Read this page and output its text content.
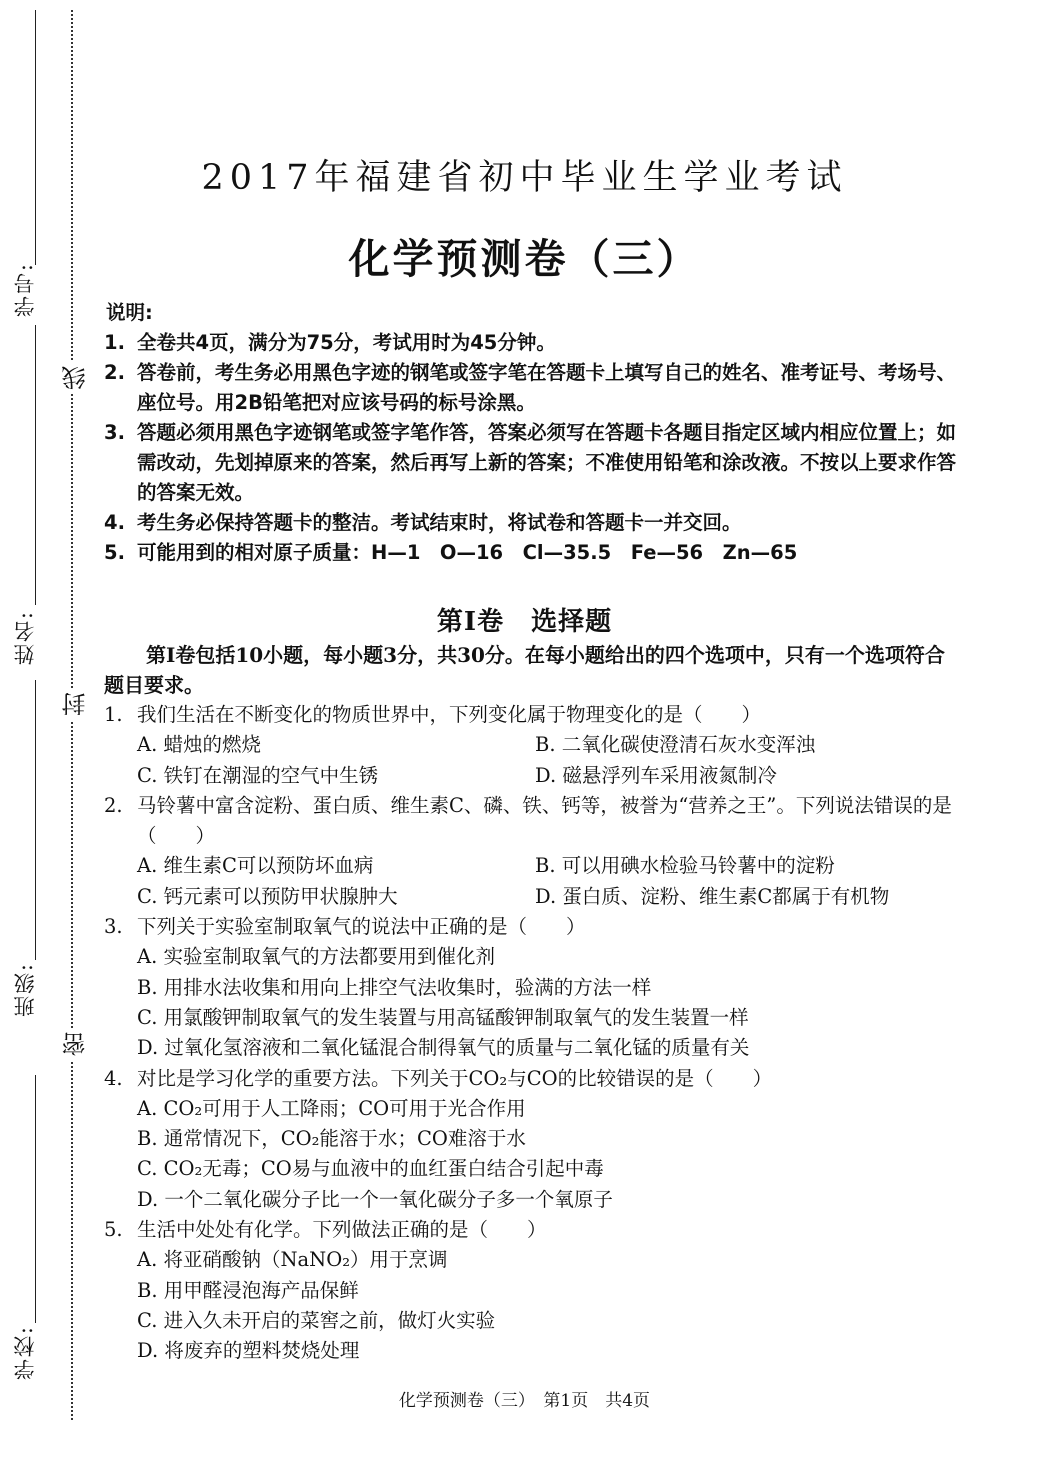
学号:
姓名:
班级:
学校:
线
封
密
2017年福建省初中毕业生学业考试
化学预测卷（三）
说明:
1. 全卷共4页，满分为75分，考试用时为45分钟。
2. 答卷前，考生务必用黑色字迹的钢笔或签字笔在答题卡上填写自己的姓名、准考证号、考场号、座位号。用2B铅笔把对应该号码的标号涂黑。
3. 答题必须用黑色字迹钢笔或签字笔作答，答案必须写在答题卡各题目指定区域内相应位置上；如需改动，先划掉原来的答案，然后再写上新的答案；不准使用铅笔和涂改液。不按以上要求作答的答案无效。
4. 考生务必保持答题卡的整洁。考试结束时，将试卷和答题卡一并交回。
5. 可能用到的相对原子质量：H—1　O—16　Cl—35.5　Fe—56　Zn—65
第Ⅰ卷　选择题
第Ⅰ卷包括10小题，每小题3分，共30分。在每小题给出的四个选项中，只有一个选项符合题目要求。
1. 我们生活在不断变化的物质世界中，下列变化属于物理变化的是（　　）
A. 蜡烛的燃烧	B. 二氧化碳使澄清石灰水变浑浊
C. 铁钉在潮湿的空气中生锈	D. 磁悬浮列车采用液氮制冷
2. 马铃薯中富含淀粉、蛋白质、维生素C、磷、铁、钙等，被誉为“营养之王”。下列说法错误的是（　　）
A. 维生素C可以预防坏血病	B. 可以用碘水检验马铃薯中的淀粉
C. 钙元素可以预防甲状腺肿大	D. 蛋白质、淀粉、维生素C都属于有机物
3. 下列关于实验室制取氧气的说法中正确的是（　　）
A. 实验室制取氧气的方法都要用到催化剂
B. 用排水法收集和用向上排空气法收集时，验满的方法一样
C. 用氯酸钾制取氧气的发生装置与用高锰酸钾制取氧气的发生装置一样
D. 过氧化氢溶液和二氧化锰混合制得氧气的质量与二氧化锰的质量有关
4. 对比是学习化学的重要方法。下列关于CO₂与CO的比较错误的是（　　）
A. CO₂可用于人工降雨；CO可用于光合作用
B. 通常情况下，CO₂能溶于水；CO难溶于水
C. CO₂无毒；CO易与血液中的血红蛋白结合引起中毒
D. 一个二氧化碳分子比一个一氧化碳分子多一个氧原子
5. 生活中处处有化学。下列做法正确的是（　　）
A. 将亚硝酸钠（NaNO₂）用于烹调
B. 用甲醛浸泡海产品保鲜
C. 进入久未开启的菜窖之前，做灯火实验
D. 将废弃的塑料焚烧处理
化学预测卷（三）　第1页　共4页
